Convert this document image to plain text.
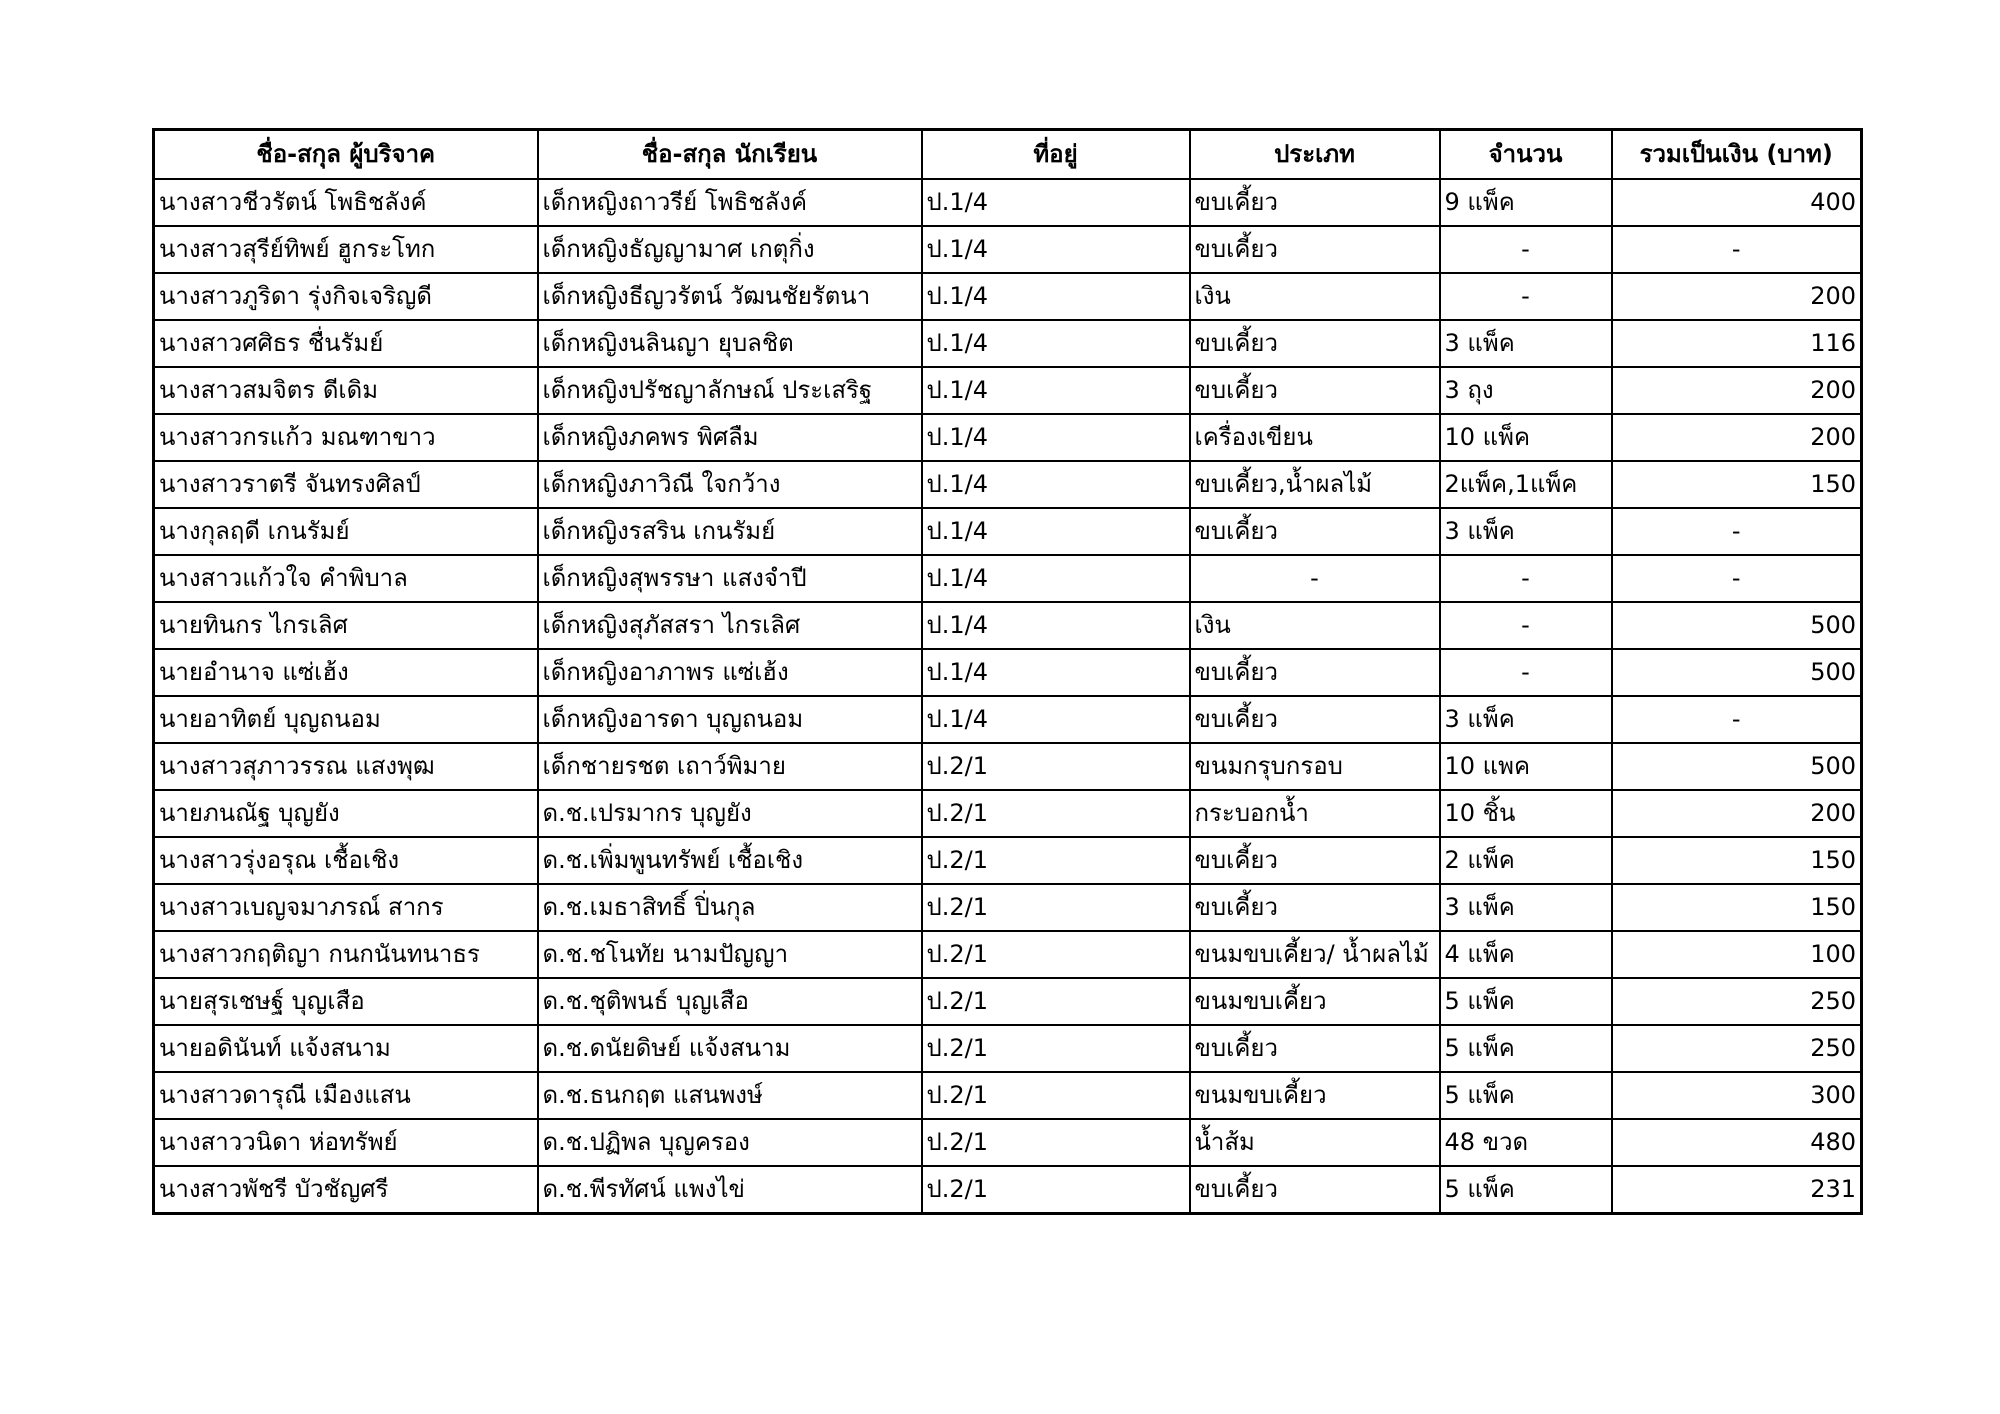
ชื่อ-สกุล ผู้บริจาค	ชื่อ-สกุล นักเรียน	ที่อยู่	ประเภท	จำนวน	รวมเป็นเงิน (บาท)
นางสาวชีวรัตน์ โพธิชลังค์	เด็กหญิงถาวรีย์ โพธิชลังค์	ป.1/4	ขบเคี้ยว	9 แพ็ค	400
นางสาวสุรีย์ทิพย์ ฮูกระโทก	เด็กหญิงธัญญามาศ เกตุกิ่ง	ป.1/4	ขบเคี้ยว	-	-
นางสาวภูริดา รุ่งกิจเจริญดี	เด็กหญิงธีญวรัตน์ วัฒนชัยรัตนา	ป.1/4	เงิน	-	200
นางสาวศศิธร ชื่นรัมย์	เด็กหญิงนลินญา ยุบลชิต	ป.1/4	ขบเคี้ยว	3 แพ็ค	116
นางสาวสมจิตร ดีเดิม	เด็กหญิงปรัชญาลักษณ์ ประเสริฐ	ป.1/4	ขบเคี้ยว	3 ถุง	200
นางสาวกรแก้ว มณฑาขาว	เด็กหญิงภคพร พิศลืม	ป.1/4	เครื่องเขียน	10 แพ็ค	200
นางสาวราตรี จันทรงศิลป์	เด็กหญิงภาวิณี ใจกว้าง	ป.1/4	ขบเคี้ยว,น้ำผลไม้	2แพ็ค,1แพ็ค	150
นางกุลฤดี เกนรัมย์	เด็กหญิงรสริน เกนรัมย์	ป.1/4	ขบเคี้ยว	3 แพ็ค	-
นางสาวแก้วใจ คำพิบาล	เด็กหญิงสุพรรษา แสงจำปี	ป.1/4	-	-	-
นายทินกร ไกรเลิศ	เด็กหญิงสุภัสสรา ไกรเลิศ	ป.1/4	เงิน	-	500
นายอำนาจ แซ่เฮ้ง	เด็กหญิงอาภาพร แซ่เฮ้ง	ป.1/4	ขบเคี้ยว	-	500
นายอาทิตย์ บุญถนอม	เด็กหญิงอารดา บุญถนอม	ป.1/4	ขบเคี้ยว	3 แพ็ค	-
นางสาวสุภาวรรณ แสงพุฒ	เด็กชายรชต เถาว์พิมาย	ป.2/1	ขนมกรุบกรอบ	10 แพค	500
นายภนณัฐ บุญยัง	ด.ช.เปรมากร บุญยัง	ป.2/1	กระบอกน้ำ	10 ชิ้น	200
นางสาวรุ่งอรุณ เชื้อเชิง	ด.ช.เพิ่มพูนทรัพย์ เชื้อเชิง	ป.2/1	ขบเคี้ยว	2 แพ็ค	150
นางสาวเบญจมาภรณ์ สากร	ด.ช.เมธาสิทธิ์ ปิ่นกุล	ป.2/1	ขบเคี้ยว	3 แพ็ค	150
นางสาวกฤติญา กนกนันทนาธร	ด.ช.ชโนทัย นามปัญญา	ป.2/1	ขนมขบเคี้ยว/ น้ำผลไม้	4 แพ็ค	100
นายสุรเชษฐ์ บุญเสือ	ด.ช.ชุติพนธ์ บุญเสือ	ป.2/1	ขนมขบเคี้ยว	5 แพ็ค	250
นายอดินันท์ แจ้งสนาม	ด.ช.ดนัยดิษย์ แจ้งสนาม	ป.2/1	ขบเคี้ยว	5 แพ็ค	250
นางสาวดารุณี เมืองแสน	ด.ช.ธนกฤต แสนพงษ์	ป.2/1	ขนมขบเคี้ยว	5 แพ็ค	300
นางสาววนิดา ห่อทรัพย์	ด.ช.ปฏิพล บุญครอง	ป.2/1	น้ำส้ม	48 ขวด	480
นางสาวพัชรี บัวชัญศรี	ด.ช.พีรทัศน์ แพงไข่	ป.2/1	ขบเคี้ยว	5 แพ็ค	231
